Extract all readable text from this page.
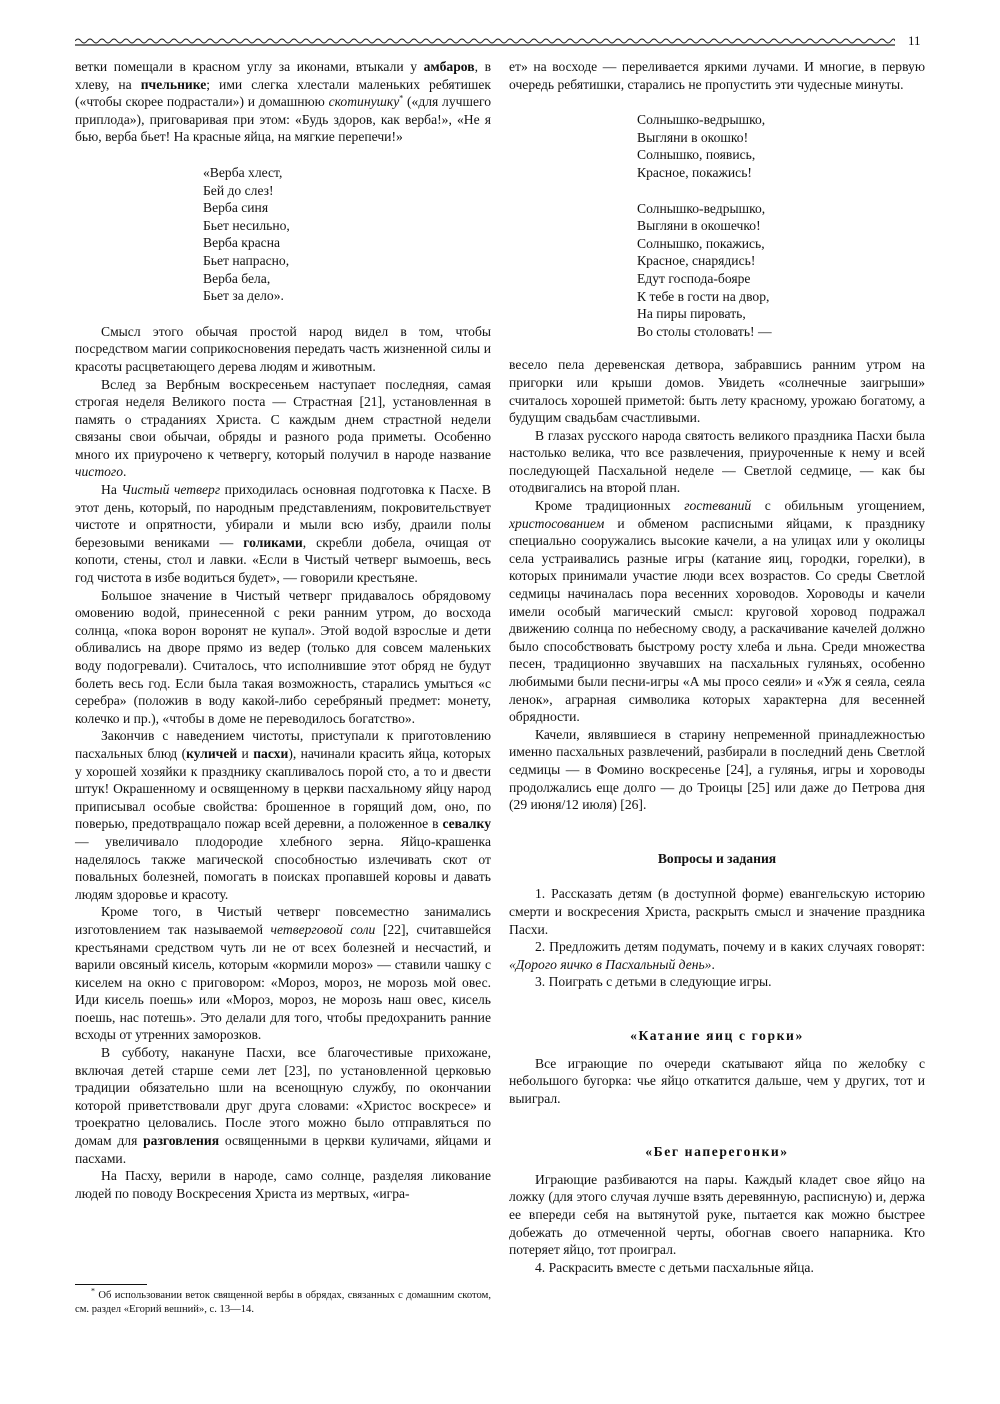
11

ветки помещали в красном углу за иконами, втыкали у амбаров, в хлеву, на пчельнике; ими слегка хлестали маленьких ребятишек («чтобы скорее подрастали») и домашнюю скотинушку* («для лучшего приплода»), приговаривая при этом: «Будь здоров, как верба!», «Не я бью, верба бьет! На красные яйца, на мягкие перепечи!»

«Верба хлест,
Бей до слез!
Верба синя
Бьет несильно,
Верба красна
Бьет напрасно,
Верба бела,
Бьет за дело».

Смысл этого обычая простой народ видел в том, чтобы посредством магии соприкосновения передать часть жизненной силы и красоты расцветающего дерева людям и животным.

Вслед за Вербным воскресеньем наступает последняя, самая строгая неделя Великого поста — Страстная [21], установленная в память о страданиях Христа. С каждым днем страстной недели связаны свои обычаи, обряды и разного рода приметы. Особенно много их приурочено к четвергу, который получил в народе название чистого.

На Чистый четверг приходилась основная подготовка к Пасхе. В этот день, который, по народным представлениям, покровительствует чистоте и опрятности, убирали и мыли всю избу, драили полы березовыми вениками — голиками, скребли добела, очищая от копоти, стены, стол и лавки. «Если в Чистый четверг вымоешь, весь год чистота в избе водиться будет», — говорили крестьяне.

Большое значение в Чистый четверг придавалось обрядовому омовению водой, принесенной с реки ранним утром, до восхода солнца, «пока ворон воронят не купал». Этой водой взрослые и дети обливались на дворе прямо из ведер (только для совсем маленьких воду подогревали). Считалось, что исполнившие этот обряд не будут болеть весь год. Если была такая возможность, старались умыться «с серебра» (положив в воду какой-либо серебряный предмет: монету, колечко и пр.), «чтобы в доме не переводилось богатство».

Закончив с наведением чистоты, приступали к приготовлению пасхальных блюд (куличей и пасхи), начинали красить яйца, которых у хорошей хозяйки к празднику скапливалось порой сто, а то и двести штук! Окрашенному и освященному в церкви пасхальному яйцу народ приписывал особые свойства: брошенное в горящий дом, оно, по поверью, предотвращало пожар всей деревни, а положенное в севалку — увеличивало плодородие хлебного зерна. Яйцо-крашенка наделялось также магической способностью излечивать скот от повальных болезней, помогать в поисках пропавшей коровы и давать людям здоровье и красоту.

Кроме того, в Чистый четверг повсеместно занимались изготовлением так называемой четверговой соли [22], считавшейся крестьянами средством чуть ли не от всех болезней и несчастий, и варили овсяный кисель, которым «кормили мороз» — ставили чашку с киселем на окно с приговором: «Мороз, мороз, не морозь мой овес. Иди кисель поешь» или «Мороз, мороз, не морозь наш овес, кисель поешь, нас потешь». Это делали для того, чтобы предохранить ранние всходы от утренних заморозков.

В субботу, накануне Пасхи, все благочестивые прихожане, включая детей старше семи лет [23], по установленной церковью традиции обязательно шли на всенощную службу, по окончании которой приветствовали друг друга словами: «Христос воскресе» и троекратно целовались. После этого можно было отправляться по домам для разговления освященными в церкви куличами, яйцами и пасхами.

На Пасху, верили в народе, само солнце, разделяя ликование людей по поводу Воскресения Христа из мертвых, «игра-

* Об использовании веток священной вербы в обрядах, связанных с домашним скотом, см. раздел «Егорий вешний», с. 13—14.

ет» на восходе — переливается яркими лучами. И многие, в первую очередь ребятишки, старались не пропустить эти чудесные минуты.

Солнышко-ведрышко,
Выгляни в окошко!
Солнышко, появись,
Красное, покажись!
Солнышко-ведрышко,
Выгляни в окошечко!
Солнышко, покажись,
Красное, снарядись!
Едут господа-бояре
К тебе в гости на двор,
На пиры пировать,
Во столы столовать! —

весело пела деревенская детвора, забравшись ранним утром на пригорки или крыши домов. Увидеть «солнечные заигрыши» считалось хорошей приметой: быть лету красному, урожаю богатому, а будущим свадьбам счастливыми.

В глазах русского народа святость великого праздника Пасхи была настолько велика, что все развлечения, приуроченные к нему и всей последующей Пасхальной неделе — Светлой седмице, — как бы отодвигались на второй план.

Кроме традиционных гостеваний с обильным угощением, христосованием и обменом расписными яйцами, к празднику специально сооружались высокие качели, а на улицах или у околицы села устраивались разные игры (катание яиц, городки, горелки), в которых принимали участие люди всех возрастов. Со среды Светлой седмицы начиналась пора весенних хороводов. Хороводы и качели имели особый магический смысл: круговой хоровод подражал движению солнца по небесному своду, а раскачивание качелей должно было способствовать быстрому росту хлеба и льна. Среди множества песен, традиционно звучавших на пасхальных гуляньях, особенно любимыми были песни-игры «А мы просо сеяли» и «Уж я сеяла, сеяла ленок», аграрная символика которых характерна для весенней обрядности.

Качели, являвшиеся в старину непременной принадлежностью именно пасхальных развлечений, разбирали в последний день Светлой седмицы — в Фомино воскресенье [24], а гулянья, игры и хороводы продолжались еще долго — до Троицы [25] или даже до Петрова дня (29 июня/12 июля) [26].

Вопросы и задания

1. Рассказать детям (в доступной форме) евангельскую историю смерти и воскресения Христа, раскрыть смысл и значение праздника Пасхи.

2. Предложить детям подумать, почему и в каких случаях говорят: «Дорого яичко в Пасхальный день».

3. Поиграть с детьми в следующие игры.

«Катание яиц с горки»

Все играющие по очереди скатывают яйца по желобку с небольшого бугорка: чье яйцо откатится дальше, чем у других, тот и выиграл.

«Бег наперегонки»

Играющие разбиваются на пары. Каждый кладет свое яйцо на ложку (для этого случая лучше взять деревянную, расписную) и, держа ее впереди себя на вытянутой руке, пытается как можно быстрее добежать до отмеченной черты, обогнав своего напарника. Кто потеряет яйцо, тот проиграл.

4. Раскрасить вместе с детьми пасхальные яйца.
